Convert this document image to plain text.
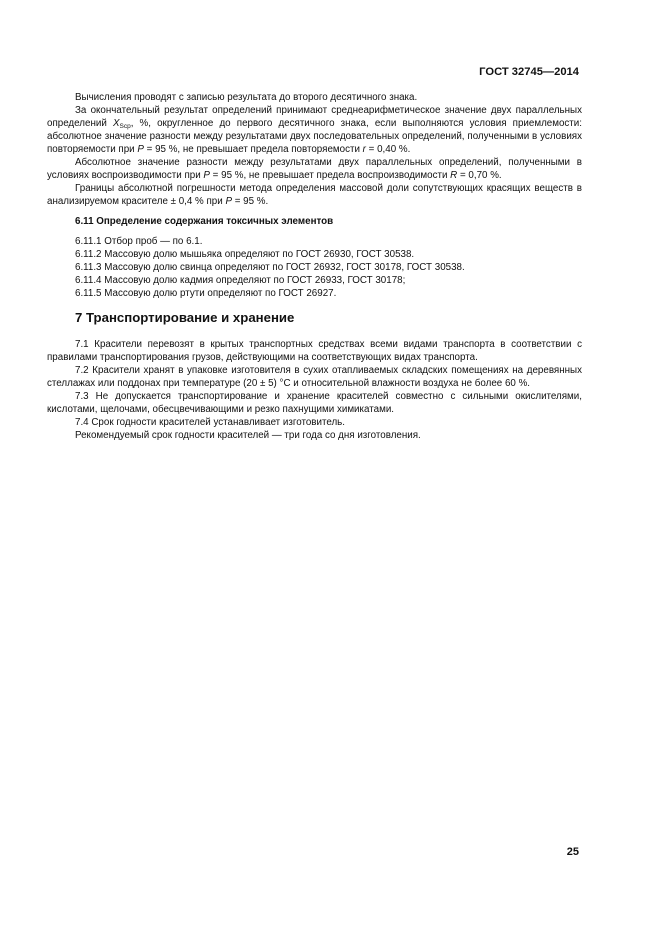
ГОСТ 32745—2014

Вычисления проводят с записью результата до второго десятичного знака.

За окончательный результат определений принимают среднеарифметическое значение двух параллельных определений $X_{Sср}$, %, округленное до первого десятичного знака, если выполняются условия приемлемости: абсолютное значение разности между результатами двух последовательных определений, полученными в условиях повторяемости при P = 95 %, не превышает предела повторяемости r = 0,40 %.

Абсолютное значение разности между результатами двух параллельных определений, полученными в условиях воспроизводимости при P = 95 %, не превышает предела воспроизводимости R = 0,70 %.

Границы абсолютной погрешности метода определения массовой доли сопутствующих красящих веществ в анализируемом красителе ± 0,4 % при P = 95 %.

6.11 Определение содержания токсичных элементов

6.11.1 Отбор проб — по 6.1.

6.11.2 Массовую долю мышьяка определяют по ГОСТ 26930, ГОСТ 30538.

6.11.3 Массовую долю свинца определяют по ГОСТ 26932, ГОСТ 30178, ГОСТ 30538.

6.11.4 Массовую долю кадмия определяют по ГОСТ 26933, ГОСТ 30178;

6.11.5 Массовую долю ртути определяют по ГОСТ 26927.

7 Транспортирование и хранение

7.1 Красители перевозят в крытых транспортных средствах всеми видами транспорта в соответствии с правилами транспортирования грузов, действующими на соответствующих видах транспорта.

7.2 Красители хранят в упаковке изготовителя в сухих отапливаемых складских помещениях на деревянных стеллажах или поддонах при температуре (20 ± 5) °С и относительной влажности воздуха не более 60 %.

7.3 Не допускается транспортирование и хранение красителей совместно с сильными окислителями, кислотами, щелочами, обесцвечивающими и резко пахнущими химикатами.

7.4 Срок годности красителей устанавливает изготовитель.

Рекомендуемый срок годности красителей — три года со дня изготовления.

25
